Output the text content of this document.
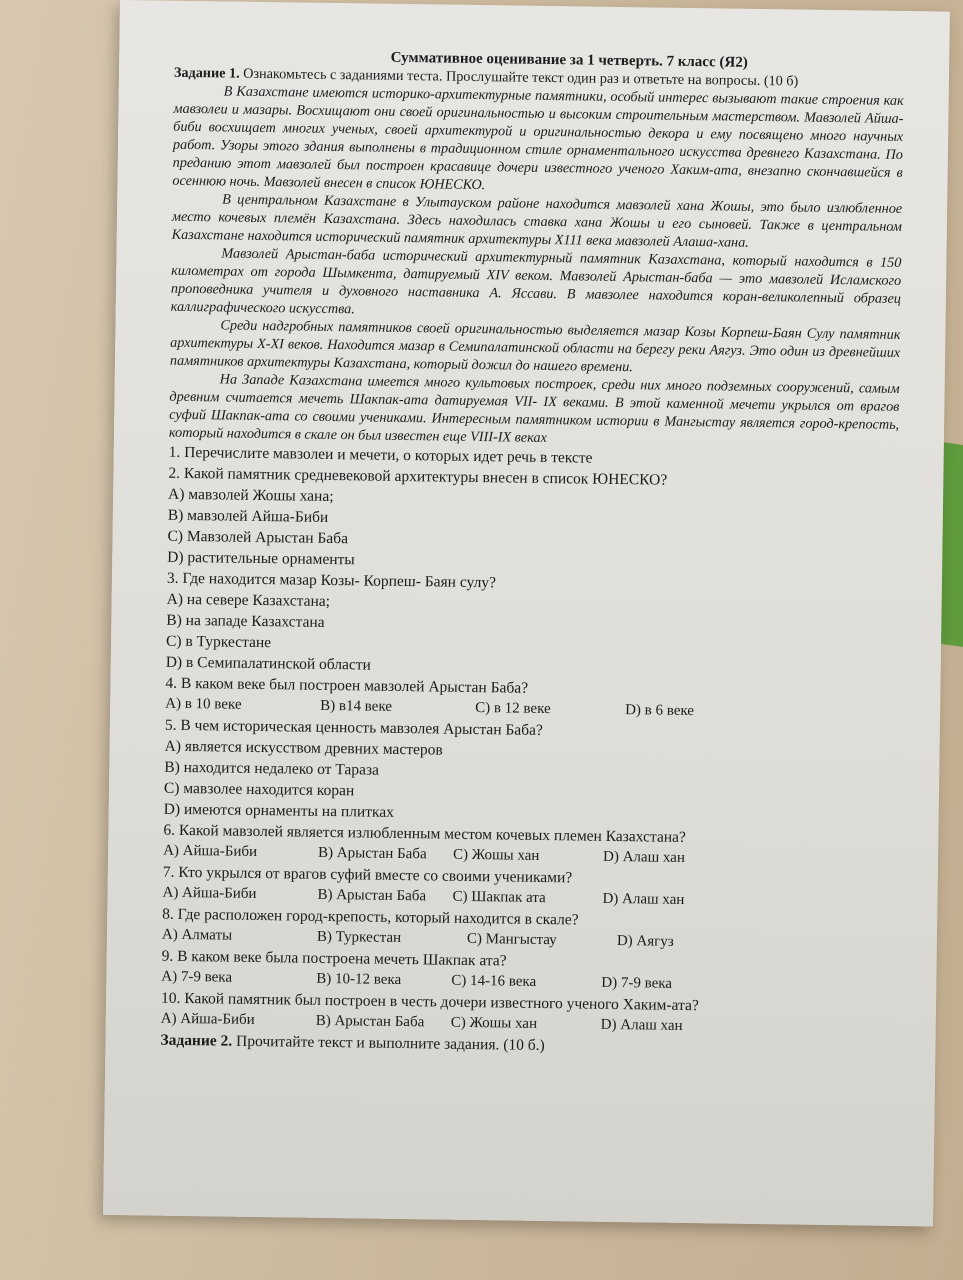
Суммативное оценивание за 1 четверть. 7 класс (Я2)

Задание 1. Ознакомьтесь с заданиями теста. Прослушайте текст один раз и ответьте на вопросы. (10 б)

В Казахстане имеются историко-архитектурные памятники, особый интерес вызывают такие строения как мавзолеи и мазары. Восхищают они своей оригинальностью и высоким строительным мастерством. Мавзолей Айша-биби восхищает многих ученых, своей архитектурой и оригинальностью декора и ему посвящено много научных работ. Узоры этого здания выполнены в традиционном стиле орнаментального искусства древнего Казахстана. По преданию этот мавзолей был построен красавице дочери известного ученого Хаким-ата, внезапно скончавшейся в осеннюю ночь. Мавзолей внесен в список ЮНЕСКО.

В центральном Казахстане в Улытауском районе находится мавзолей хана Жошы, это было излюбленное место кочевых племён Казахстана. Здесь находилась ставка хана Жошы и его сыновей. Также в центральном Казахстане находится исторический памятник архитектуры Х111 века мавзолей Алаша-хана.

Мавзолей Арыстан-баба исторический архитектурный памятник Казахстана, который находится в 150 километрах от города Шымкента, датируемый XIV веком. Мавзолей Арыстан-баба — это мавзолей Исламского проповедника учителя и духовного наставника А. Яссави. В мавзолее находится коран-великолепный образец каллиграфического искусства.

Среди надгробных памятников своей оригинальностью выделяется мазар Козы Корпеш-Баян Сулу памятник архитектуры X-XI веков. Находится мазар в Семипалатинской области на берегу реки Аягуз. Это один из древнейших памятников архитектуры Казахстана, который дожил до нашего времени.

На Западе Казахстана имеется много культовых построек, среди них много подземных сооружений, самым древним считается мечеть Шакпак-ата датируемая VII- IX веками. В этой каменной мечети укрылся от врагов суфий Шакпак-ата со своими учениками. Интересным памятником истории в Мангыстау является город-крепость, который находится в скале он был известен еще VIII-IX веках

1. Перечислите мавзолеи и мечети, о которых идет речь в тексте

2. Какой памятник средневековой архитектуры внесен в список ЮНЕСКО?

A) мавзолей Жошы хана;

B) мавзолей Айша-Биби

C) Мавзолей Арыстан Баба

D) растительные орнаменты

3. Где находится мазар Козы- Корпеш- Баян сулу?

A) на севере Казахстана;

B) на западе Казахстана

C) в Туркестане

D) в Семипалатинской области

4. В каком веке был построен мавзолей Арыстан Баба?

A) в 10 веке	B) в14 веке	C) в 12 веке	D) в 6 веке

5. В чем историческая ценность мавзолея Арыстан Баба?

A) является искусством древних мастеров

B) находится недалеко от Тараза

C) мавзолее находится коран

D) имеются орнаменты на плитках

6. Какой мавзолей является излюбленным местом кочевых племен Казахстана?

A) Айша-Биби	B) Арыстан Баба	C) Жошы хан	D) Алаш хан

7. Кто укрылся от врагов суфий вместе со своими учениками?

A) Айша-Биби	B) Арыстан Баба	C) Шакпак ата	D) Алаш хан

8. Где расположен город-крепость, который находится в скале?

A) Алматы	B) Туркестан	C) Мангыстау	D) Аягуз

9. В каком веке была построена мечеть Шакпак ата?

A) 7-9 века	B) 10-12 века	C) 14-16 века	D) 7-9 века

10. Какой памятник был построен в честь дочери известного ученого Хаким-ата?

A) Айша-Биби	B) Арыстан Баба	C) Жошы хан	D) Алаш хан

Задание 2. Прочитайте текст и выполните задания. (10 б.)
